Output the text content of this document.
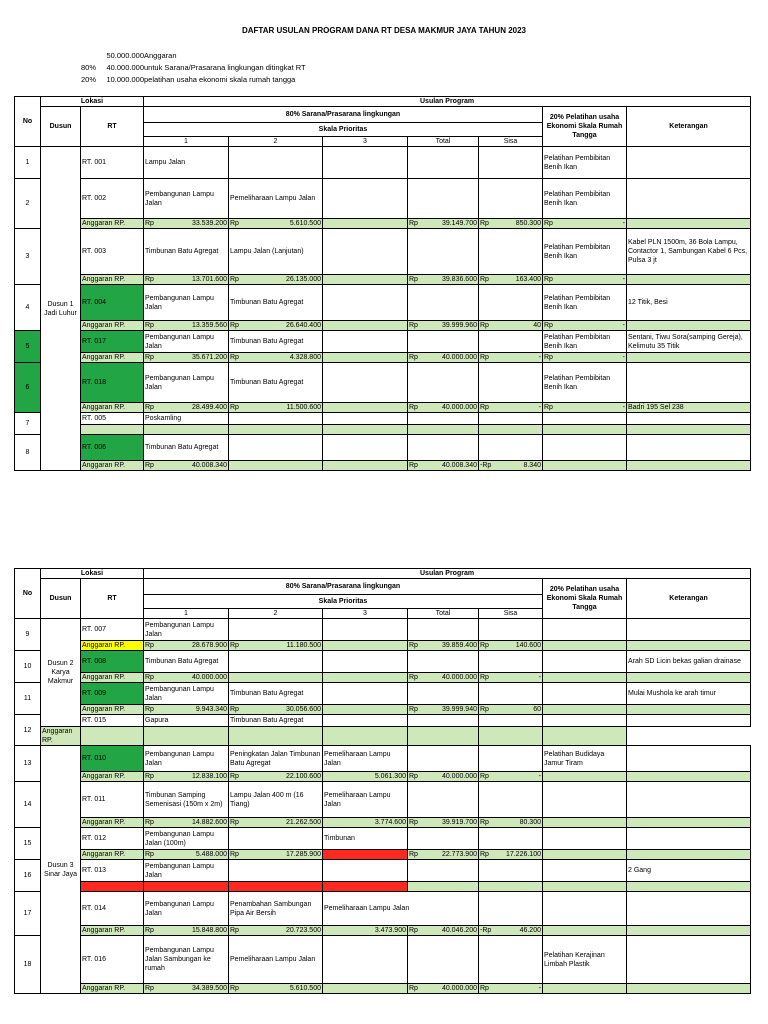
DAFTAR USULAN PROGRAM DANA RT DESA MAKMUR JAYA TAHUN 2023
50.000.000 Anggaran
80%	40.000.000 untuk Sarana/Prasarana lingkungan ditingkat RT
20%	10.000.000 pelatihan usaha ekonomi skala rumah tangga
No	Lokasi		Usulan Program						
	Dusun	RT	80% Sarana/Prasarana lingkungan					20% Pelatihan usaha Ekonomi Skala Rumah Tangga	Keterangan
			Skala Prioritas						
			1	2	3	Total	Sisa		
1	Dusun 1 Jadi Luhur	RT. 001	Lampu Jalan					Pelatihan Pembibitan Benih Ikan	
2		RT. 002	Pembangunan Lampu Jalan	Pemeliharaan Lampu Jalan				Pelatihan Pembibitan Benih Ikan	
		Anggaran RP.	Rp 33.539.200	Rp 5.610.500		Rp 39.149.700	Rp 850.300	Rp -	

3		RT. 003	Timbunan Batu Agregat	Lampu Jalan (Lanjutan)				Pelatihan Pembibitan Benih Ikan	Kabel PLN 1500m, 36 Bola Lampu, Contactor 1, Sambungan Kabel 6 Pcs, Pulsa 3 jt
		Anggaran RP.	Rp 13.701.600	Rp 26.135.000		Rp 39.836.600	Rp 163.400	Rp -	

4		RT. 004	Pembangunan Lampu Jalan	Timbunan Batu Agregat				Pelatihan Pembibitan Benih Ikan	12 Titik, Besi
		Anggaran RP.	Rp 13.359.560	Rp 26.640.400		Rp 39.999.960	Rp 40	Rp -	

5		RT. 017	Pembangunan Lampu Jalan	Timbunan Batu Agregat				Pelatihan Pembibitan Benih Ikan	Sentani, Tiwu Sora(samping Gereja), Kelimutu 35 Titik
		Anggaran RP.	Rp 35.671.200	Rp 4.328.800		Rp 40.000.000	Rp -	Rp -	

6		RT. 018	Pembangunan Lampu Jalan	Timbunan Batu Agregat				Pelatihan Pembibitan Benih Ikan	
		Anggaran RP.	Rp 28.499.400	Rp 11.500.600		Rp 40.000.000	Rp -	Rp -	Badri 195 Sel 238
7		RT. 005	Poskamling						

8		RT. 006	Timbunan Batu Agregat						
		Anggaran RP.	Rp 40.008.340			Rp 40.008.340	-Rp 8.340		

No	Lokasi		Usulan Program						
	Dusun	RT	80% Sarana/Prasarana lingkungan					20% Pelatihan usaha Ekonomi Skala Rumah Tangga	Keterangan
			Skala Prioritas						
			1	2	3	Total	Sisa		
9	Dusun 2 Karya Makmur	RT. 007	Pembangunan Lampu Jalan						
		Anggaran RP.	Rp 28.678.900	Rp 11.180.500		Rp 39.859.400	Rp 140.600		

10		RT. 008	Timbunan Batu Agregat						Arah SD Licin bekas galian drainase
		Anggaran RP.	Rp 40.000.000			Rp 40.000.000	Rp -		

11		RT. 009	Pembangunan Lampu Jalan	Timbunan Batu Agregat					Mulai Mushola ke arah timur
		Anggaran RP.	Rp 9.943.340	Rp 30.056.600		Rp 39.999.940	Rp 60		

12		RT. 015	Gapura	Timbunan Batu Agregat					
	Anggaran RP.								
13	Dusun 3 Sinar Jaya	RT. 010	Pembangunan Lampu Jalan	Peningkatan Jalan Timbunan Batu Agregat	Pemeliharaan Lampu Jalan			Pelatihan Budidaya Jamur Tiram	
		Anggaran RP.	Rp 12.838.100	Rp 22.100.600	5.061.300	Rp 40.000.000	Rp -		

14		RT. 011	Timbunan Samping Semenisasi (150m x 2m)	Lampu Jalan 400 m (16 Tiang)	Pemeliharaan Lampu Jalan				
		Anggaran RP.	Rp 14.882.600	Rp 21.262.500	3.774.600	Rp 39.919.700	Rp 80.300		

15		RT. 012	Pembangunan Lampu Jalan (100m)		Timbunan				
		Anggaran RP.	Rp 5.488.000	Rp 17.285.900		Rp 22.773.900	Rp 17.226.100		

16		RT. 013	Pembangunan Lampu Jalan						2 Gang

17		RT. 014	Pembangunan Lampu Jalan	Penambahan Sambungan Pipa Air Bersih	Pemeliharaan Lampu Jalan				
		Anggaran RP.	Rp 15.848.800	Rp 20.723.500	3.473.900	Rp 40.046.200	-Rp 46.200		

18		RT. 016	Pembangunan Lampu Jalan Sambungan ke rumah	Pemeliharaan Lampu Jalan				Pelatihan Kerajinan Limbah Plastik	
		Anggaran RP.	Rp 34.389.500	Rp 5.610.500		Rp 40.000.000	Rp -		
